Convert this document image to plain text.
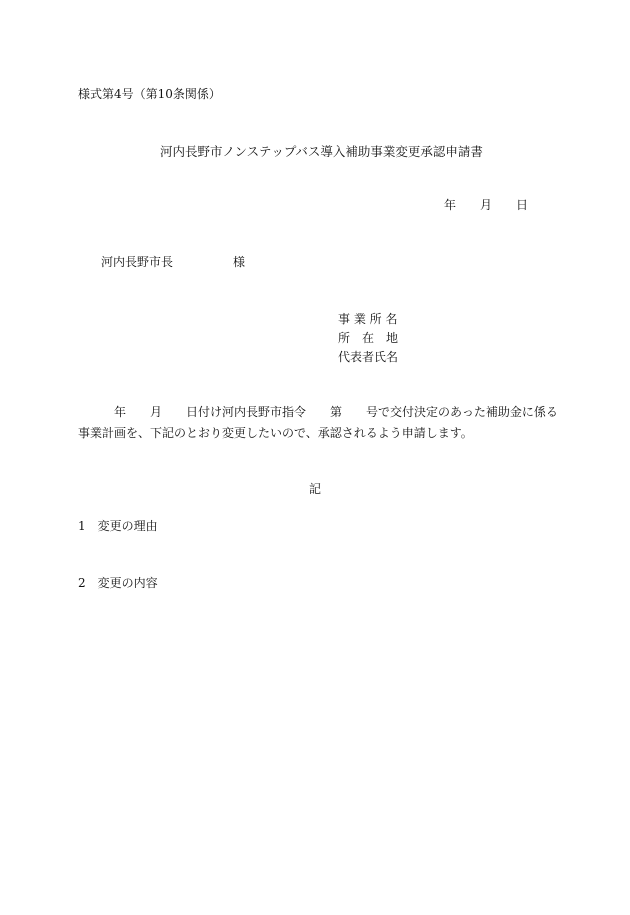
様式第4号（第10条関係）
河内長野市ノンステップバス導入補助事業変更承認申請書
年　　月　　日
河内長野市長　　　　　様
事 業 所 名
所　在　地
代表者氏名
　　　年　　月　　日付け河内長野市指令　　第　　号で交付決定のあった補助金に係る
事業計画を、下記のとおり変更したいので、承認されるよう申請します。
記
1　変更の理由
2　変更の内容
